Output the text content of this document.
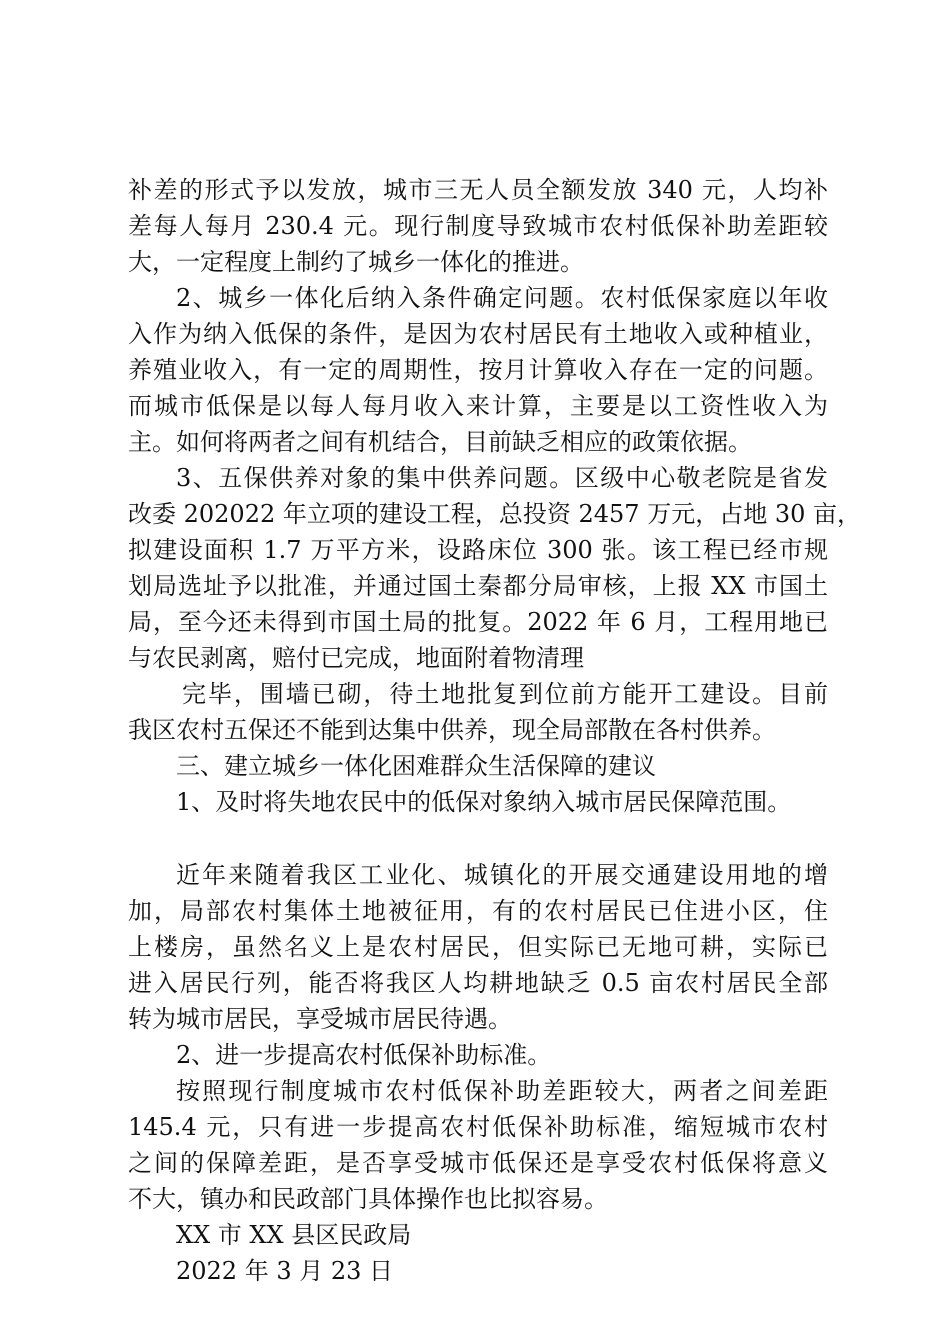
补差的形式予以发放，城市三无人员全额发放 340 元，人均补
差每人每月 230.4 元。现行制度导致城市农村低保补助差距较
大，一定程度上制约了城乡一体化的推进。
2、城乡一体化后纳入条件确定问题。农村低保家庭以年收
入作为纳入低保的条件，是因为农村居民有土地收入或种植业，
养殖业收入，有一定的周期性，按月计算收入存在一定的问题。
而城市低保是以每人每月收入来计算，主要是以工资性收入为
主。如何将两者之间有机结合，目前缺乏相应的政策依据。
3、五保供养对象的集中供养问题。区级中心敬老院是省发
改委 202022 年立项的建设工程，总投资 2457 万元，占地 30 亩，
拟建设面积 1.7 万平方米，设路床位 300 张。该工程已经市规
划局选址予以批准，并通过国土秦都分局审核，上报 XX 市国土
局，至今还未得到市国土局的批复。2022 年 6 月，工程用地已
与农民剥离，赔付已完成，地面附着物清理
完毕，围墙已砌，待土地批复到位前方能开工建设。目前
我区农村五保还不能到达集中供养，现全局部散在各村供养。
三、建立城乡一体化困难群众生活保障的建议
1、及时将失地农民中的低保对象纳入城市居民保障范围。
近年来随着我区工业化、城镇化的开展交通建设用地的增
加，局部农村集体土地被征用，有的农村居民已住进小区，住
上楼房，虽然名义上是农村居民，但实际已无地可耕，实际已
进入居民行列，能否将我区人均耕地缺乏 0.5 亩农村居民全部
转为城市居民，享受城市居民待遇。
2、进一步提高农村低保补助标准。
按照现行制度城市农村低保补助差距较大，两者之间差距
145.4 元，只有进一步提高农村低保补助标准，缩短城市农村
之间的保障差距，是否享受城市低保还是享受农村低保将意义
不大，镇办和民政部门具体操作也比拟容易。
XX 市 XX 县区民政局
2022 年 3 月 23 日
